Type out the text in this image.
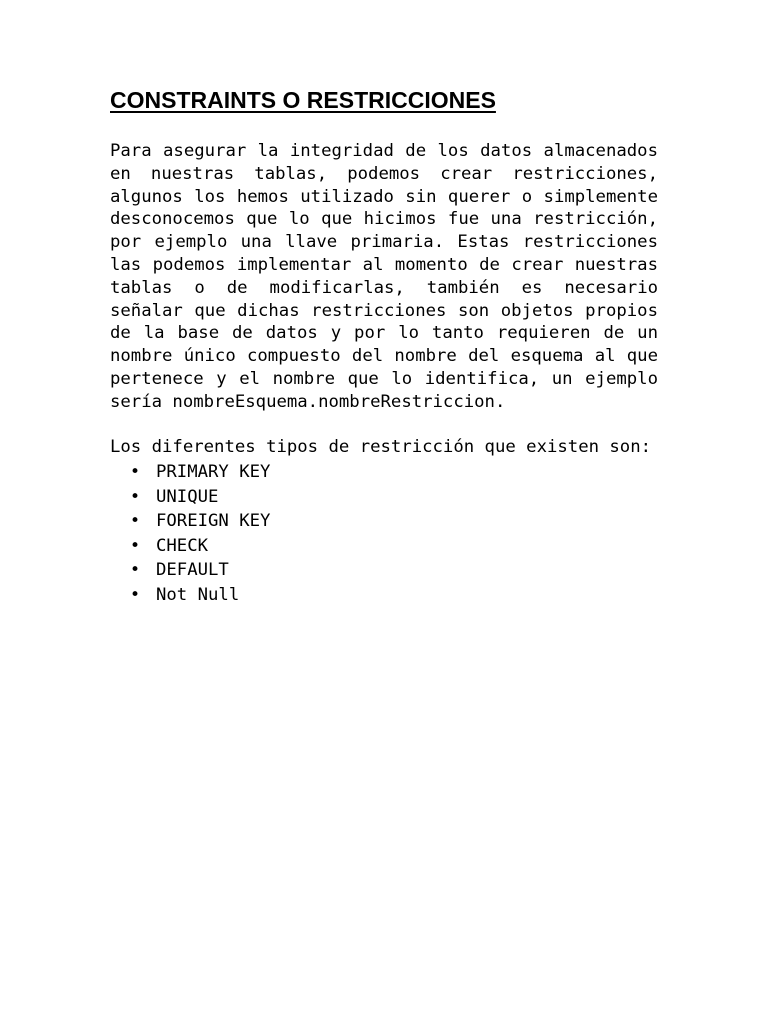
CONSTRAINTS O RESTRICCIONES

Para asegurar la integridad de los datos almacenados en nuestras tablas, podemos crear restricciones, algunos los hemos utilizado sin querer o simplemente desconocemos que lo que hicimos fue una restricción, por ejemplo una llave primaria. Estas restricciones las podemos implementar al momento de crear nuestras tablas o de modificarlas, también es necesario señalar que dichas restricciones son objetos propios de la base de datos y por lo tanto requieren de un nombre único compuesto del nombre del esquema al que pertenece y el nombre que lo identifica, un ejemplo sería nombreEsquema.nombreRestriccion.

Los diferentes tipos de restricción que existen son:

• PRIMARY KEY
• UNIQUE
• FOREIGN KEY
• CHECK
• DEFAULT
• Not Null
